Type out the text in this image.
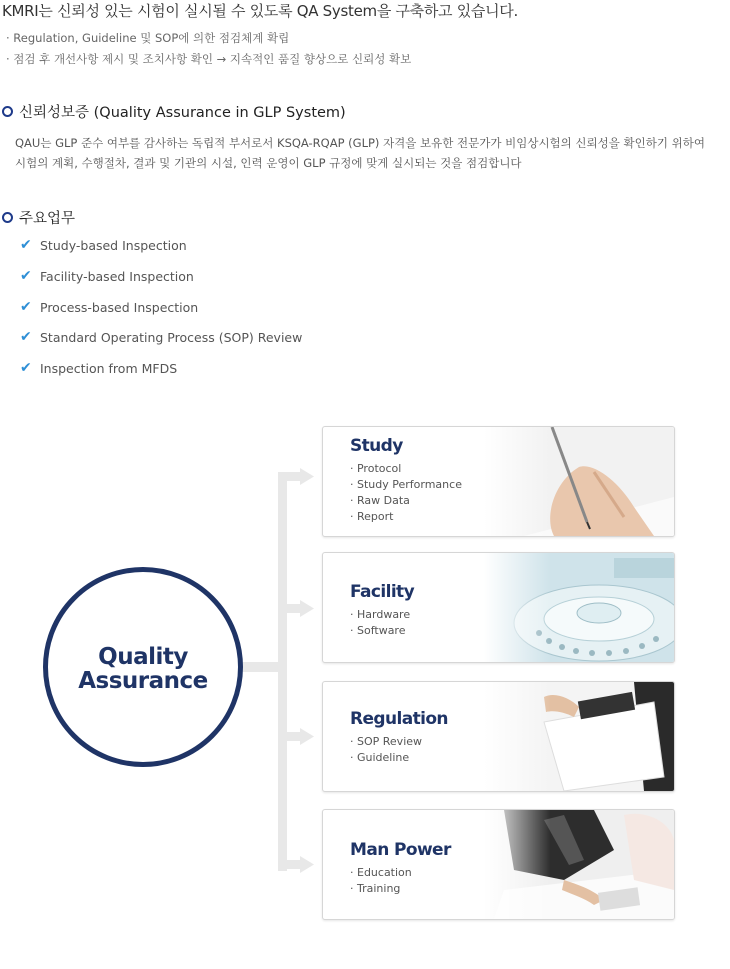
KMRI는 신뢰성 있는 시험이 실시될 수 있도록 QA System을 구축하고 있습니다.
· Regulation, Guideline 및 SOP에 의한 점검체계 확립
· 점검 후 개선사항 제시 및 조치사항 확인 → 지속적인 품질 향상으로 신뢰성 확보
신뢰성보증 (Quality Assurance in GLP System)
QAU는 GLP 준수 여부를 감사하는 독립적 부서로서 KSQA-RQAP (GLP) 자격을 보유한 전문가가 비임상시험의 신뢰성을 확인하기 위하여
시험의 계획, 수행절차, 결과 및 기관의 시설, 인력 운영이 GLP 규정에 맞게 실시되는 것을 점검합니다
주요업무
✔ Study-based Inspection
✔ Facility-based Inspection
✔ Process-based Inspection
✔ Standard Operating Process (SOP) Review
✔ Inspection from MFDS
Quality
Assurance
Study
· Protocol
· Study Performance
· Raw Data
· Report
Facility
· Hardware
· Software
Regulation
· SOP Review
· Guideline
Man Power
· Education
· Training
